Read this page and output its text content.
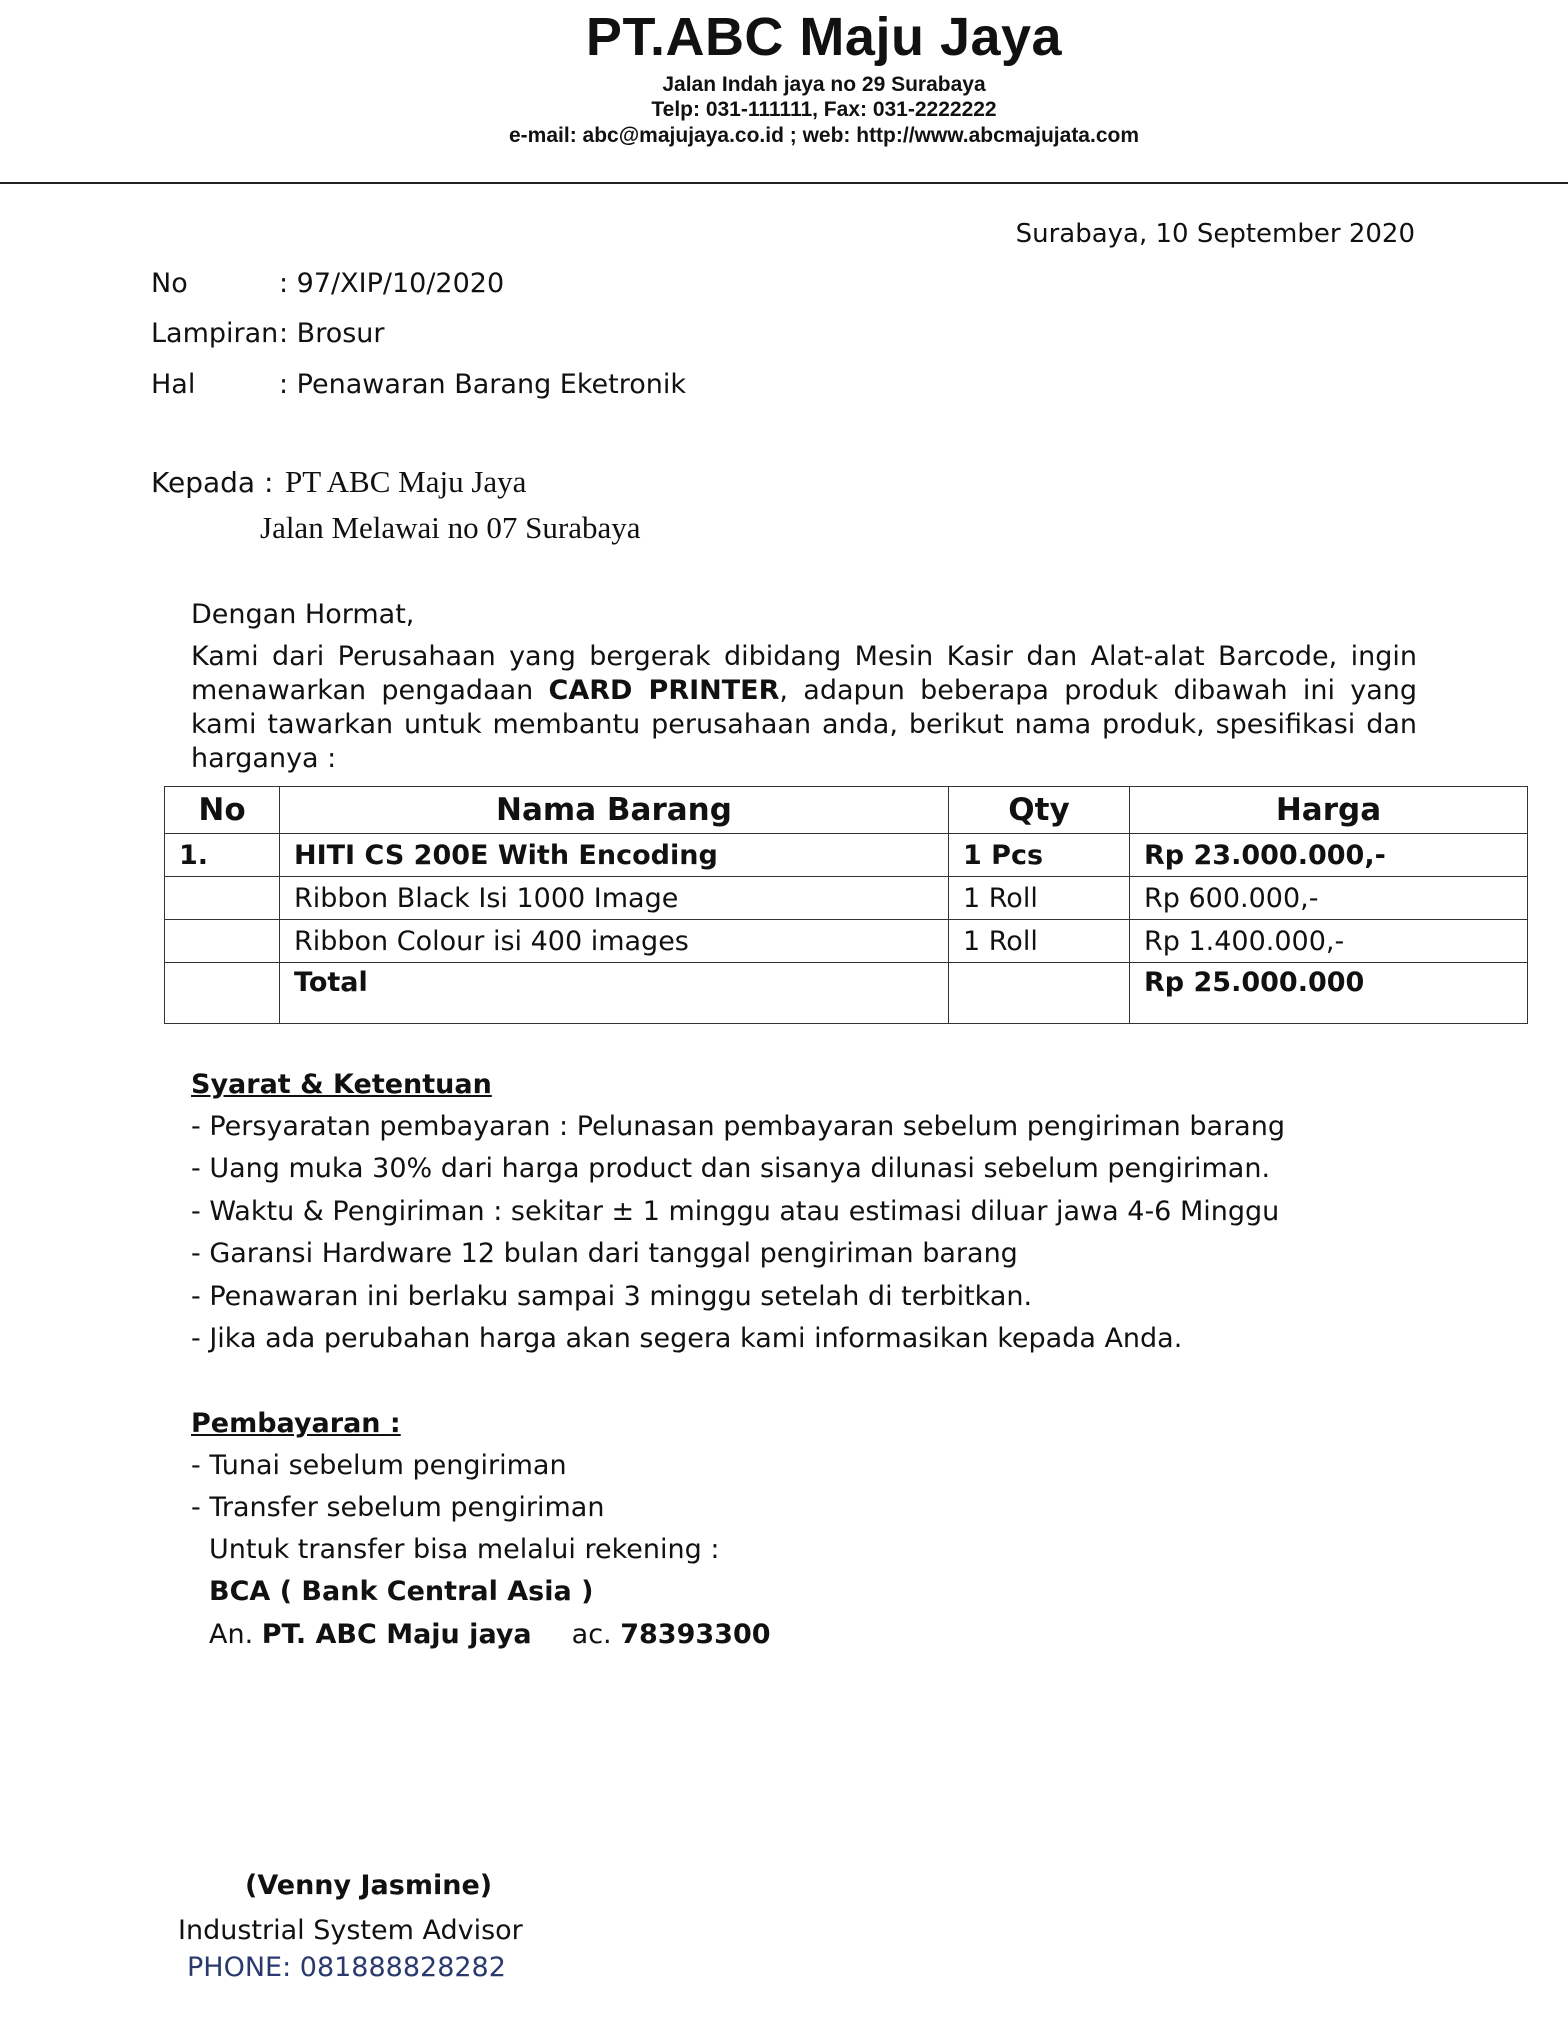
PT.ABC Maju Jaya
Jalan Indah jaya no 29 Surabaya
Telp: 031-111111, Fax: 031-2222222
e-mail: abc@majujaya.co.id ; web: http://www.abcmajujata.com
Surabaya, 10 September 2020
No	: 97/XIP/10/2020
Lampiran: Brosur
Hal	: Penawaran Barang Eketronik
Kepada : PT ABC Maju Jaya
Jalan Melawai no 07 Surabaya
Dengan Hormat,
Kami dari Perusahaan yang bergerak dibidang Mesin Kasir dan Alat-alat Barcode, ingin menawarkan pengadaan CARD PRINTER, adapun beberapa produk dibawah ini yang kami tawarkan untuk membantu perusahaan anda, berikut nama produk, spesifikasi dan harganya :
No	Nama Barang	Qty	Harga
1.	HITI CS 200E With Encoding	1 Pcs	Rp 23.000.000,-
	Ribbon Black Isi 1000 Image	1 Roll	Rp 600.000,-
	Ribbon Colour isi 400 images	1 Roll	Rp 1.400.000,-
	Total		Rp 25.000.000
Syarat & Ketentuan
- Persyaratan pembayaran : Pelunasan pembayaran sebelum pengiriman barang
- Uang muka 30% dari harga product dan sisanya dilunasi sebelum pengiriman.
- Waktu & Pengiriman : sekitar ± 1 minggu atau estimasi diluar jawa 4-6 Minggu
- Garansi Hardware 12 bulan dari tanggal pengiriman barang
- Penawaran ini berlaku sampai 3 minggu setelah di terbitkan.
- Jika ada perubahan harga akan segera kami informasikan kepada Anda.
Pembayaran :
- Tunai sebelum pengiriman
- Transfer sebelum pengiriman
Untuk transfer bisa melalui rekening :
BCA ( Bank Central Asia )
An. PT. ABC Maju jaya ac. 78393300
(Venny Jasmine)
Industrial System Advisor
PHONE: 081888828282
